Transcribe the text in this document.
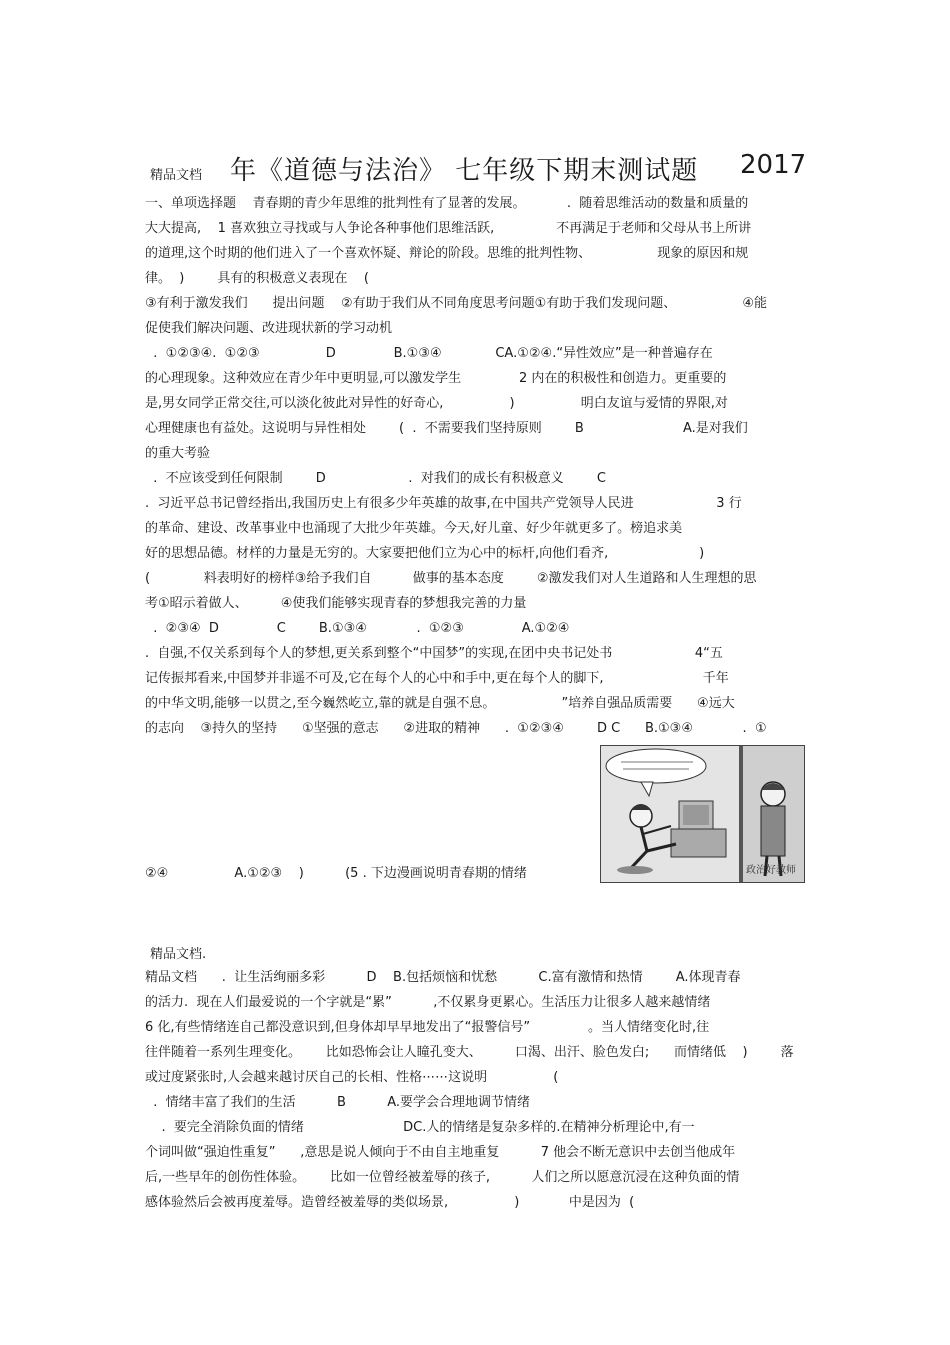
精品文档 年《道德与法治》 七年级下期末测试题 2017
一、单项选择题    青春期的青少年思维的批判性有了显著的发展。          .  随着思维活动的数量和质量的
大大提高,    1 喜欢独立寻找或与人争论各种事他们思维活跃,               不再满足于老师和父母从书上所讲
的道理,这个时期的他们进入了一个喜欢怀疑、辩论的阶段。思维的批判性物、                现象的原因和规
律。  )        具有的积极意义表现在    (
③有利于激发我们      提出问题    ②有助于我们从不同角度思考问题①有助于我们发现问题、                ④能
促使我们解决问题、改进现状新的学习动机
.  ①②③④.  ①②③                D              B.①③④             CA.①②④.“异性效应”是一种普遍存在
的心理现象。这种效应在青少年中更明显,可以激发学生              2 内在的积极性和创造力。更重要的
是,男女同学正常交往,可以淡化彼此对异性的好奇心,                )                明白友谊与爱情的界限,对
心理健康也有益处。这说明与异性相处        (  .  不需要我们坚持原则        B                        A.是对我们
的重大考验
.  不应该受到任何限制        D                    .  对我们的成长有积极意义        C
.  习近平总书记曾经指出,我国历史上有很多少年英雄的故事,在中国共产党领导人民进                    3 行
的革命、建设、改革事业中也涌现了大批少年英雄。今天,好儿童、好少年就更多了。榜追求美
好的思想品德。材样的力量是无穷的。大家要把他们立为心中的标杆,向他们看齐,                      )
(             料表明好的榜样③给予我们自          做事的基本态度        ②激发我们对人生道路和人生理想的思
考①昭示着做人、        ④使我们能够实现青春的梦想我完善的力量
.  ②③④  D              C        B.①③④            .  ①②③              A.①②④
.  自强,不仅关系到每个人的梦想,更关系到整个“中国梦”的实现,在团中央书记处书                    4“五
记传振邦看来,中国梦并非遥不可及,它在每个人的心中和手中,更在每个人的脚下,                        千年
的中华文明,能够一以贯之,至今巍然屹立,靠的就是自强不息。                ”培养自强品质需要      ④远大
的志向    ③持久的坚持      ①坚强的意志      ②进取的精神      .  ①②③④        D C      B.①③④            .  ①
②④                A.①②③    )          (5 . 下边漫画说明青春期的情绪	政治好教师
精品文档.
精品文档      .  让生活绚丽多彩          D    B.包括烦恼和忧愁          C.富有激情和热情        A.体现青春
的活力.  现在人们最爱说的一个字就是“累”          ,不仅累身更累心。生活压力让很多人越来越情绪
6 化,有些情绪连自己都没意识到,但身体却早早地发出了“报警信号”              。当人情绪变化时,往
往伴随着一系列生理变化。      比如恐怖会让人瞳孔变大、        口渴、出汗、脸色发白;      而情绪低    )        落
或过度紧张时,人会越来越讨厌自己的长相、性格⋯⋯这说明                (
.  情绪丰富了我们的生活          B          A.要学会合理地调节情绪
.  要完全消除负面的情绪                        DC.人的情绪是复杂多样的.在精神分析理论中,有一
个词叫做“强迫性重复”      ,意思是说人倾向于不由自主地重复          7 他会不断无意识中去创当他成年
后,一些早年的创伤性体验。      比如一位曾经被羞辱的孩子,          人们之所以愿意沉浸在这种负面的情
感体验然后会被再度羞辱。造曾经被羞辱的类似场景,                )            中是因为  (
